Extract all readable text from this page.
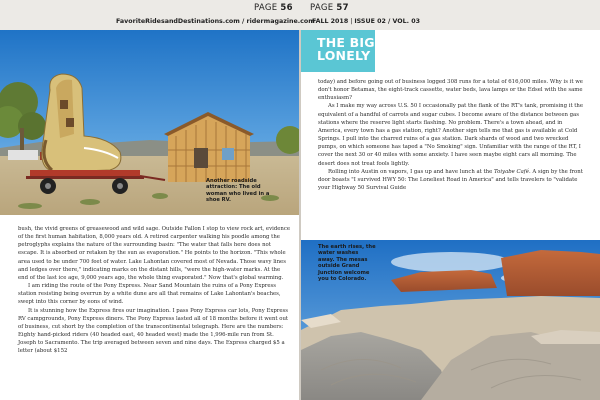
PAGE 56 PAGE 57
FavoriteRidesandDestinations.com / ridermagazine.com
FALL 2018 | ISSUE 02 / VOL. 03
Another roadside attraction: The old woman who lived in a shoe RV.

bush, the vivid greens of greasewood and wild sage. Outside Fallon I stop to view rock art, evidence of the first human habitation, 8,000 years old. A retired carpenter walking his poodle among the petroglyphs explains the nature of the surrounding basin: "The water that falls here does not escape. It is absorbed or retaken by the sun as evaporation." He points to the horizon. "This whole area used to be under 700 feet of water. Lake Lahontan covered most of Nevada. Those wavy lines and ledges over there," indicating marks on the distant hills, "were the high-water marks. At the end of the last ice age, 9,000 years ago, the whole thing evaporated." Now that's global warming.

I am riding the route of the Pony Express. Near Sand Mountain the ruins of a Pony Express station resisting being overrun by a white dune are all that remains of Lake Lahontan's beaches, swept into this corner by eons of wind.

It is stunning how the Express fires our imagination. I pass Pony Express car lots, Pony Express RV campgrounds, Pony Express diners. The Pony Express lasted all of 18 months before it went out of business, cut short by the completion of the transcontinental telegraph. Here are the numbers: Eighty hand-picked riders (40 headed east, 40 headed west) made the 1,996-mile run from St. Joseph to Sacramento. The trip averaged between seven and nine days. The Express charged $5 a letter (about $152

THE BIG
LONELY

today) and before going out of business logged 308 runs for a total of 616,000 miles. Why is it we don't honor Betamax, the eight-track cassette, water beds, lava lamps or the Edsel with the same enthusiasm?

As I make my way across U.S. 50 I occasionally pat the flank of the RT's tank, promising it the equivalent of a handful of carrots and sugar cubes. I become aware of the distance between gas stations where the reserve light starts flashing. No problem. There's a town ahead, and in America, every town has a gas station, right? Another sign tells me that gas is available at Cold Springs. I pull into the charred ruins of a gas station. Dark shards of wood and two wrecked pumps, on which someone has taped a "No Smoking" sign. Unfamiliar with the range of the RT, I cover the next 30 or 40 miles with some anxiety. I have seen maybe eight cars all morning. The desert does not treat fools lightly.

Rolling into Austin on vapors, I gas up and have lunch at the Toiyabe Café. A sign by the front door boasts "I survived HWY 50: The Loneliest Road in America" and tells travelers to "validate your Highway 50 Survival Guide

The earth rises, the water washes away. The mesas outside Grand Junction welcome you to Colorado.
